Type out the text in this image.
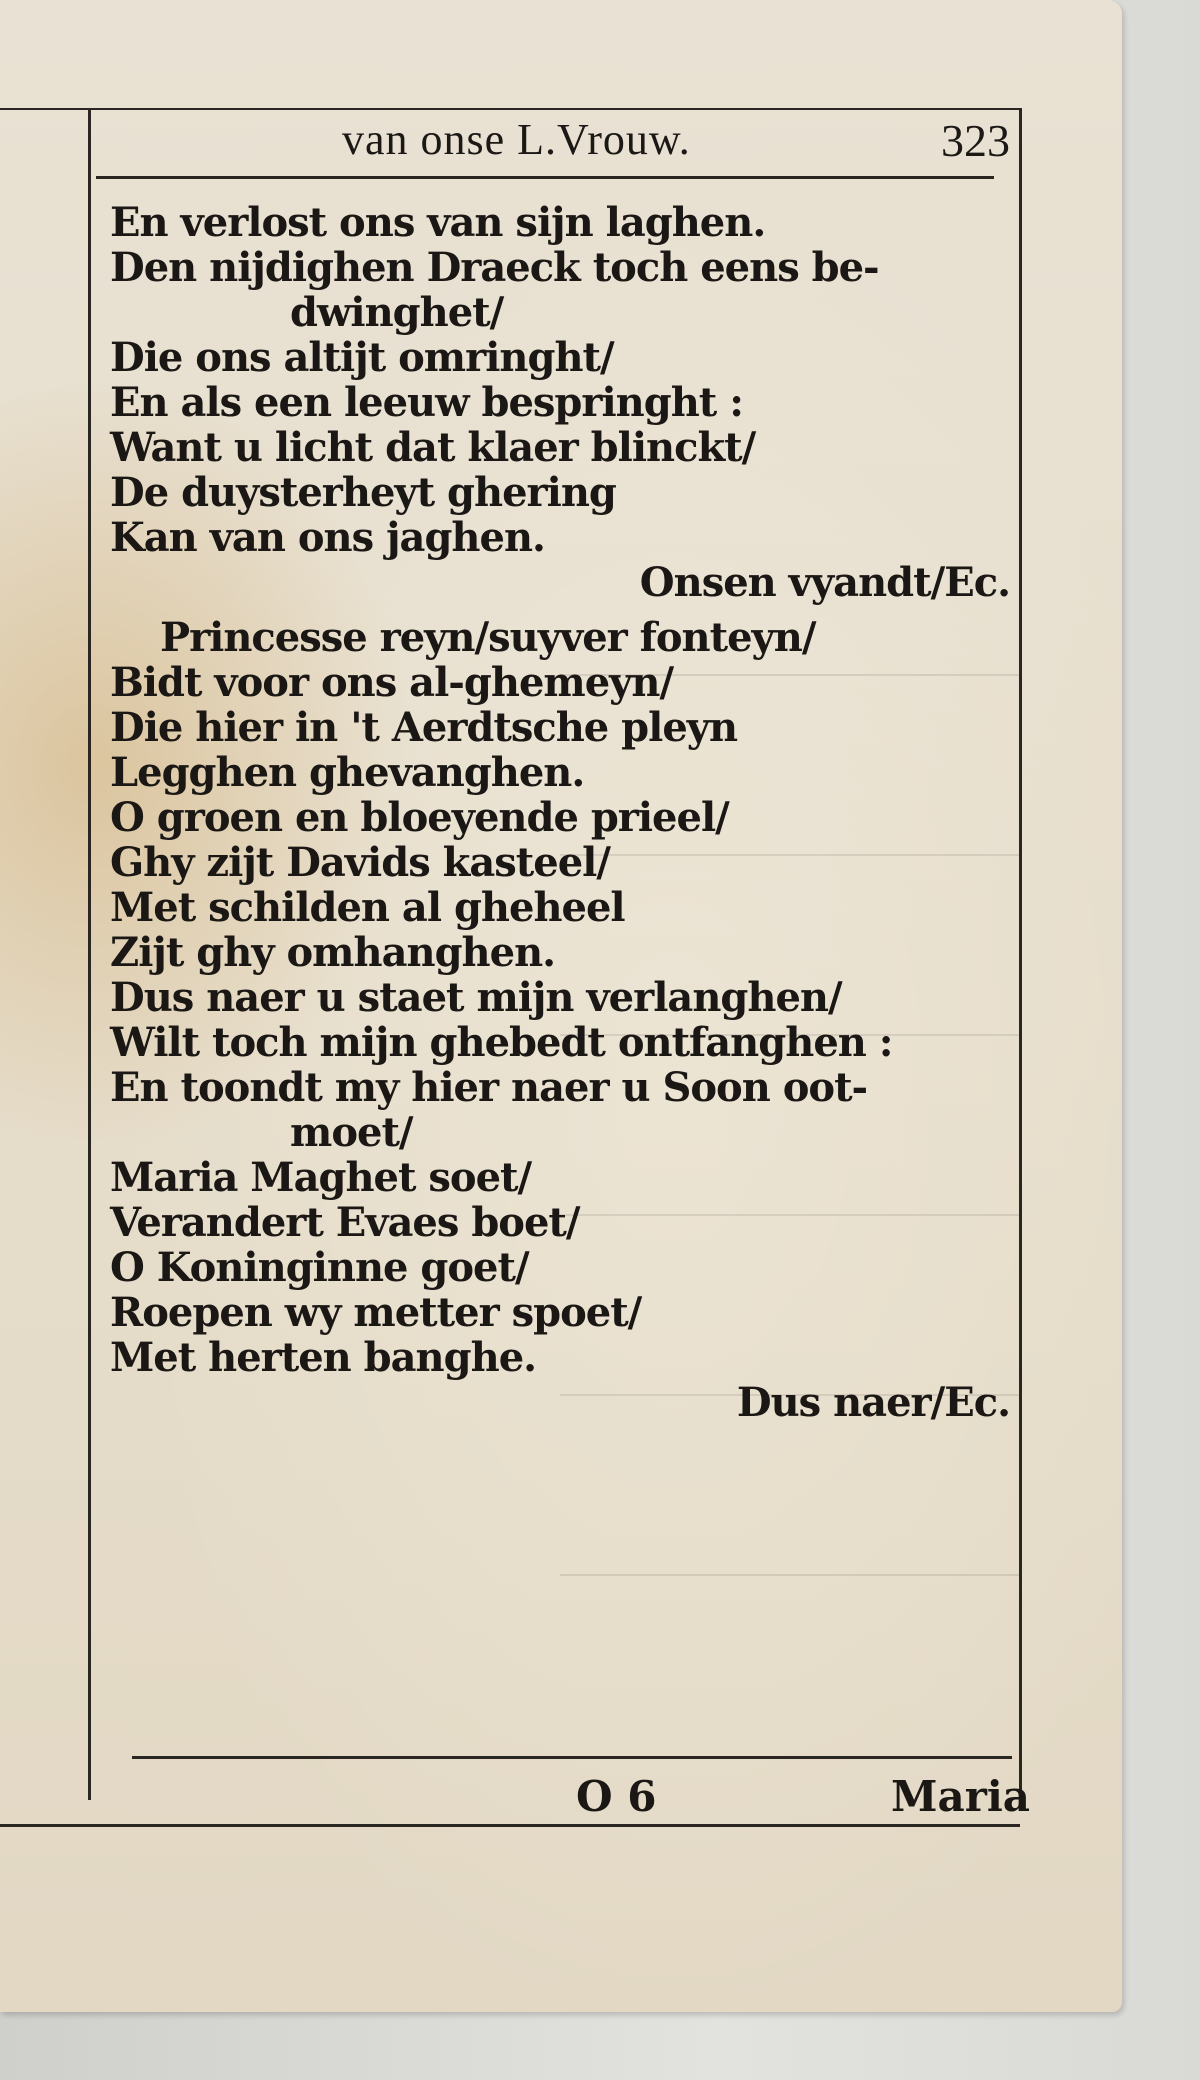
van onse L.Vrouw.	323
En verlost ons van sijn laghen.
Den nijdighen Draeck toch eens be-
dwinghet/
Die ons altijt omringht/
En als een leeuw bespringht :
Want u licht dat klaer blinckt/
De duysterheyt ghering
Kan van ons jaghen.
Onsen vyandt/Ec.
Princesse reyn/suyver fonteyn/
Bidt voor ons al-ghemeyn/
Die hier in 't Aerdtsche pleyn
Legghen ghevanghen.
O groen en bloeyende prieel/
Ghy zijt Davids kasteel/
Met schilden al gheheel
Zijt ghy omhanghen.
Dus naer u staet mijn verlanghen/
Wilt toch mijn ghebedt ontfanghen :
En toondt my hier naer u Soon oot-
moet/
Maria Maghet soet/
Verandert Evaes boet/
O Koninginne goet/
Roepen wy metter spoet/
Met herten banghe.
Dus naer/Ec.
O 6	Maria
